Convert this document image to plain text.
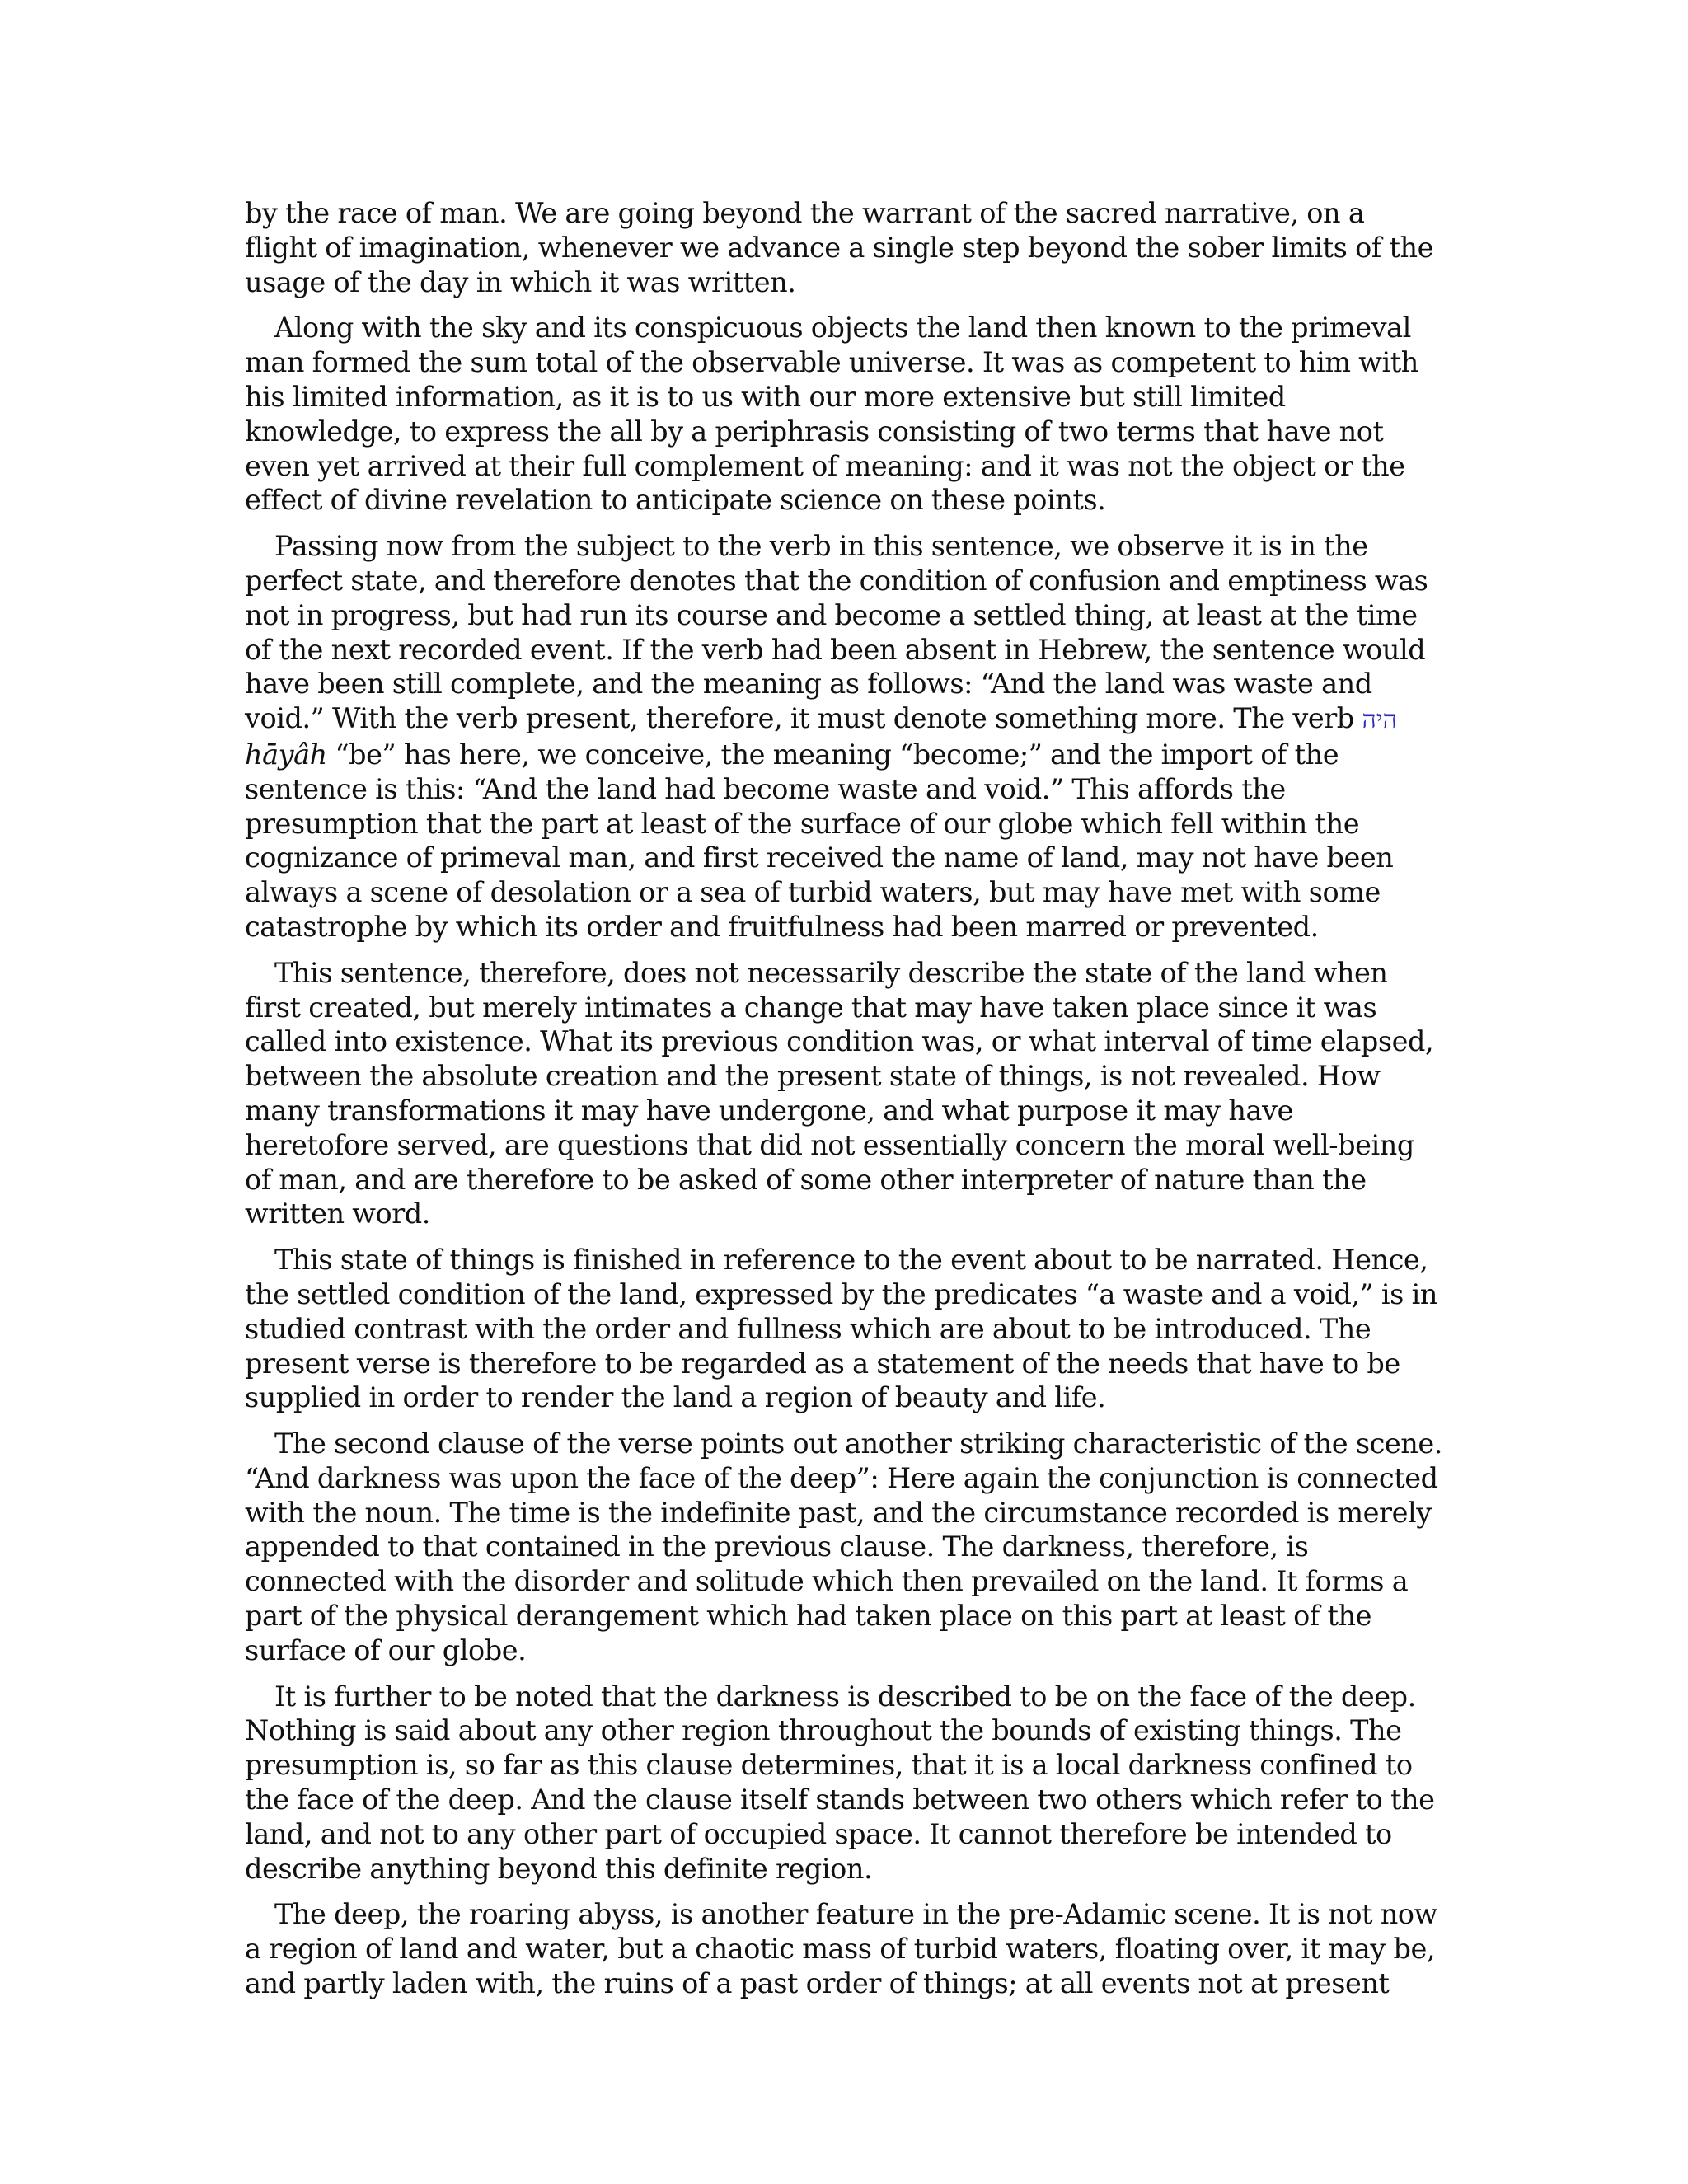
by the race of man. We are going beyond the warrant of the sacred narrative, on a flight of imagination, whenever we advance a single step beyond the sober limits of the usage of the day in which it was written.

Along with the sky and its conspicuous objects the land then known to the primeval man formed the sum total of the observable universe. It was as competent to him with his limited information, as it is to us with our more extensive but still limited knowledge, to express the all by a periphrasis consisting of two terms that have not even yet arrived at their full complement of meaning: and it was not the object or the effect of divine revelation to anticipate science on these points.

Passing now from the subject to the verb in this sentence, we observe it is in the perfect state, and therefore denotes that the condition of confusion and emptiness was not in progress, but had run its course and become a settled thing, at least at the time of the next recorded event. If the verb had been absent in Hebrew, the sentence would have been still complete, and the meaning as follows: “And the land was waste and void.” With the verb present, therefore, it must denote something more. The verb היה hāyâh “be” has here, we conceive, the meaning “become;” and the import of the sentence is this: “And the land had become waste and void.” This affords the presumption that the part at least of the surface of our globe which fell within the cognizance of primeval man, and first received the name of land, may not have been always a scene of desolation or a sea of turbid waters, but may have met with some catastrophe by which its order and fruitfulness had been marred or prevented.

This sentence, therefore, does not necessarily describe the state of the land when first created, but merely intimates a change that may have taken place since it was called into existence. What its previous condition was, or what interval of time elapsed, between the absolute creation and the present state of things, is not revealed. How many transformations it may have undergone, and what purpose it may have heretofore served, are questions that did not essentially concern the moral well-being of man, and are therefore to be asked of some other interpreter of nature than the written word.

This state of things is finished in reference to the event about to be narrated. Hence, the settled condition of the land, expressed by the predicates “a waste and a void,” is in studied contrast with the order and fullness which are about to be introduced. The present verse is therefore to be regarded as a statement of the needs that have to be supplied in order to render the land a region of beauty and life.

The second clause of the verse points out another striking characteristic of the scene. “And darkness was upon the face of the deep”: Here again the conjunction is connected with the noun. The time is the indefinite past, and the circumstance recorded is merely appended to that contained in the previous clause. The darkness, therefore, is connected with the disorder and solitude which then prevailed on the land. It forms a part of the physical derangement which had taken place on this part at least of the surface of our globe.

It is further to be noted that the darkness is described to be on the face of the deep. Nothing is said about any other region throughout the bounds of existing things. The presumption is, so far as this clause determines, that it is a local darkness confined to the face of the deep. And the clause itself stands between two others which refer to the land, and not to any other part of occupied space. It cannot therefore be intended to describe anything beyond this definite region.

The deep, the roaring abyss, is another feature in the pre-Adamic scene. It is not now a region of land and water, but a chaotic mass of turbid waters, floating over, it may be, and partly laden with, the ruins of a past order of things; at all events not at present
